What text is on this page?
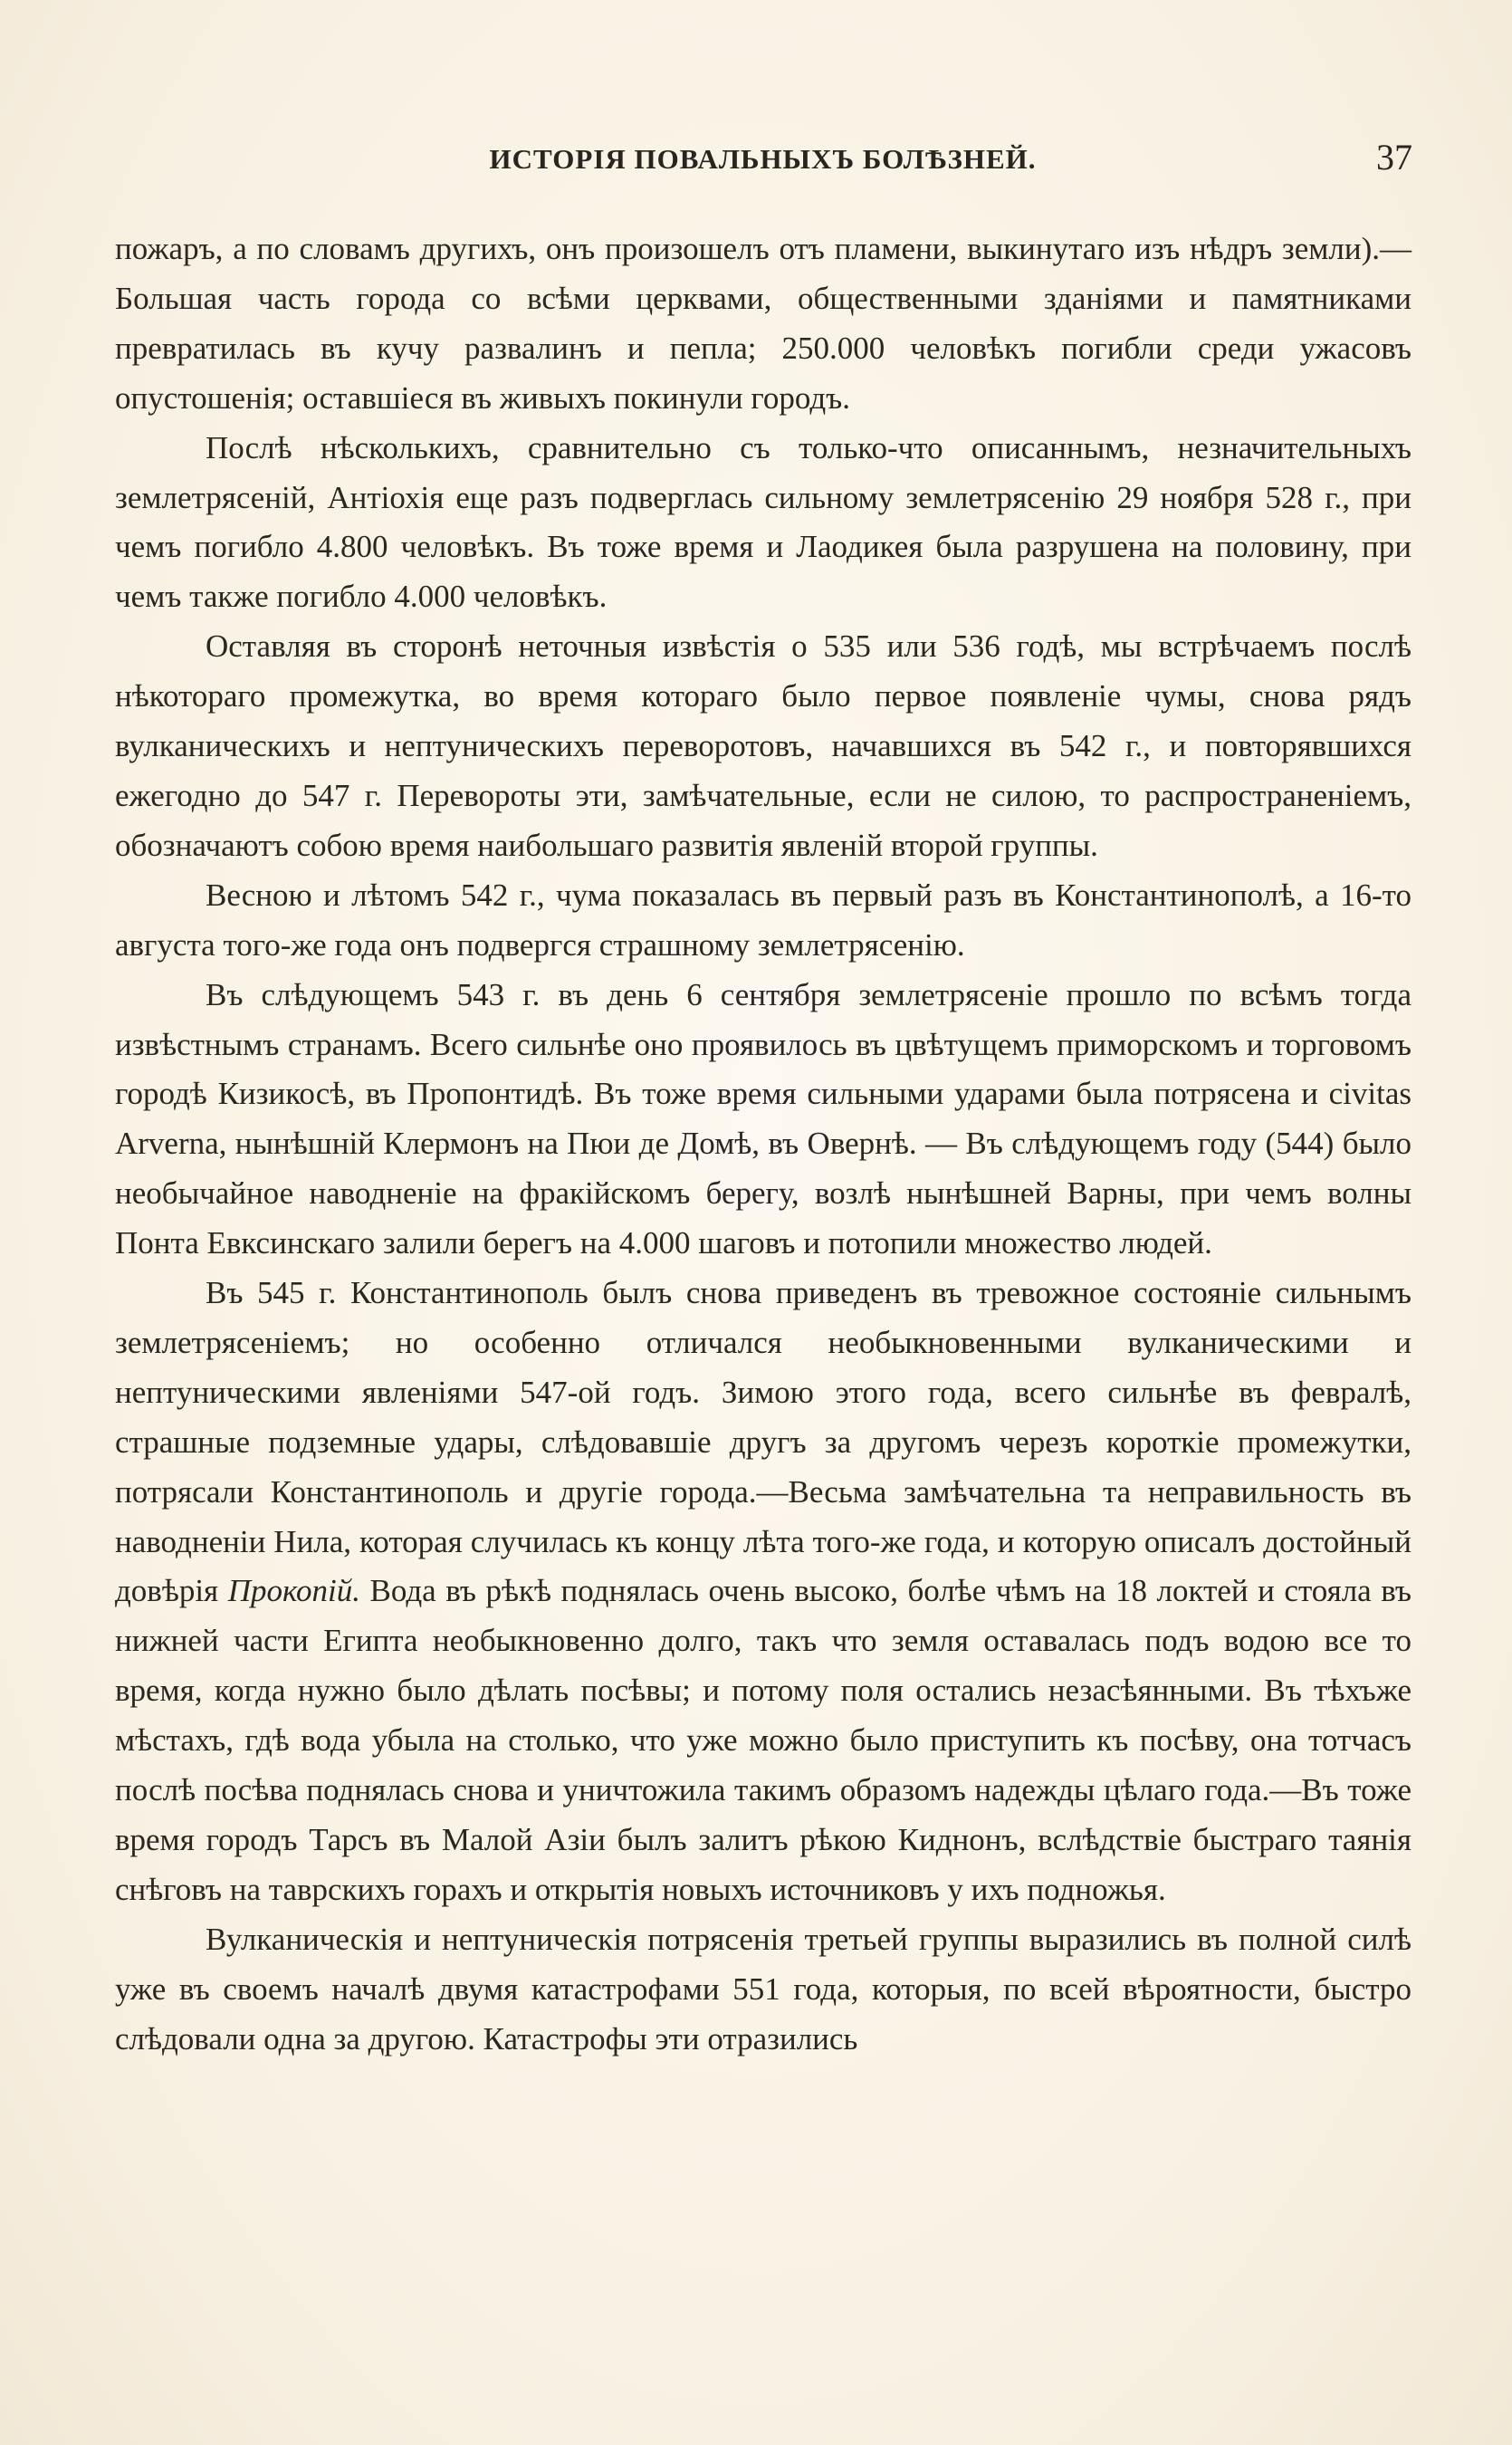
ИСТОРІЯ ПОВАЛЬНЫХЪ БОЛѢЗНЕЙ.	37

пожаръ, а по словамъ другихъ, онъ произошелъ отъ пламени, выкинутаго изъ нѣдръ земли).—Большая часть города со всѣми церквами, общественными зданіями и памятниками превратилась въ кучу развалинъ и пепла; 250.000 человѣкъ погибли среди ужасовъ опустошенія; оставшіеся въ живыхъ покинули городъ.

Послѣ нѣсколькихъ, сравнительно съ только-что описаннымъ, незначительныхъ землетрясеній, Антіохія еще разъ подверглась сильному землетрясенію 29 ноября 528 г., при чемъ погибло 4.800 человѣкъ. Въ тоже время и Лаодикея была разрушена на половину, при чемъ также погибло 4.000 человѣкъ.

Оставляя въ сторонѣ неточныя извѣстія о 535 или 536 годѣ, мы встрѣчаемъ послѣ нѣкотораго промежутка, во время котораго было первое появленіе чумы, снова рядъ вулканическихъ и нептуническихъ переворотовъ, начавшихся въ 542 г., и повторявшихся ежегодно до 547 г. Перевороты эти, замѣчательные, если не силою, то распространеніемъ, обозначаютъ собою время наибольшаго развитія явленій второй группы.

Весною и лѣтомъ 542 г., чума показалась въ первый разъ въ Константинополѣ, а 16-то августа того-же года онъ подвергся страшному землетрясенію.

Въ слѣдующемъ 543 г. въ день 6 сентября землетрясеніе прошло по всѣмъ тогда извѣстнымъ странамъ. Всего сильнѣе оно проявилось въ цвѣтущемъ приморскомъ и торговомъ городѣ Кизикосѣ, въ Пропонтидѣ. Въ тоже время сильными ударами была потрясена и civitas Arverna, нынѣшній Клермонъ на Пюи де Домѣ, въ Овернѣ. — Въ слѣдующемъ году (544) было необычайное наводненіе на фракійскомъ берегу, возлѣ нынѣшней Варны, при чемъ волны Понта Евксинскаго залили берегъ на 4.000 шаговъ и потопили множество людей.

Въ 545 г. Константинополь былъ снова приведенъ въ тревожное состояніе сильнымъ землетрясеніемъ; но особенно отличался необыкновенными вулканическими и нептуническими явленіями 547-ой годъ. Зимою этого года, всего сильнѣе въ февралѣ, страшные подземные удары, слѣдовавшіе другъ за другомъ черезъ короткіе промежутки, потрясали Константинополь и другіе города.—Весьма замѣчательна та неправильность въ наводненіи Нила, которая случилась къ концу лѣта того-же года, и которую описалъ достойный довѣрія Прокопій. Вода въ рѣкѣ поднялась очень высоко, болѣе чѣмъ на 18 локтей и стояла въ нижней части Египта необыкновенно долго, такъ что земля оставалась подъ водою все то время, когда нужно было дѣлать посѣвы; и потому поля остались незасѣянными. Въ тѣхъже мѣстахъ, гдѣ вода убыла на столько, что уже можно было приступить къ посѣву, она тотчасъ послѣ посѣва поднялась снова и уничтожила такимъ образомъ надежды цѣлаго года.—Въ тоже время городъ Тарсъ въ Малой Азіи былъ залитъ рѣкою Киднонъ, вслѣдствіе быстраго таянія снѣговъ на таврскихъ горахъ и открытія новыхъ источниковъ у ихъ подножья.

Вулканическія и нептуническія потрясенія третьей группы выразились въ полной силѣ уже въ своемъ началѣ двумя катастрофами 551 года, которыя, по всей вѣроятности, быстро слѣдовали одна за другою. Катастрофы эти отразились
